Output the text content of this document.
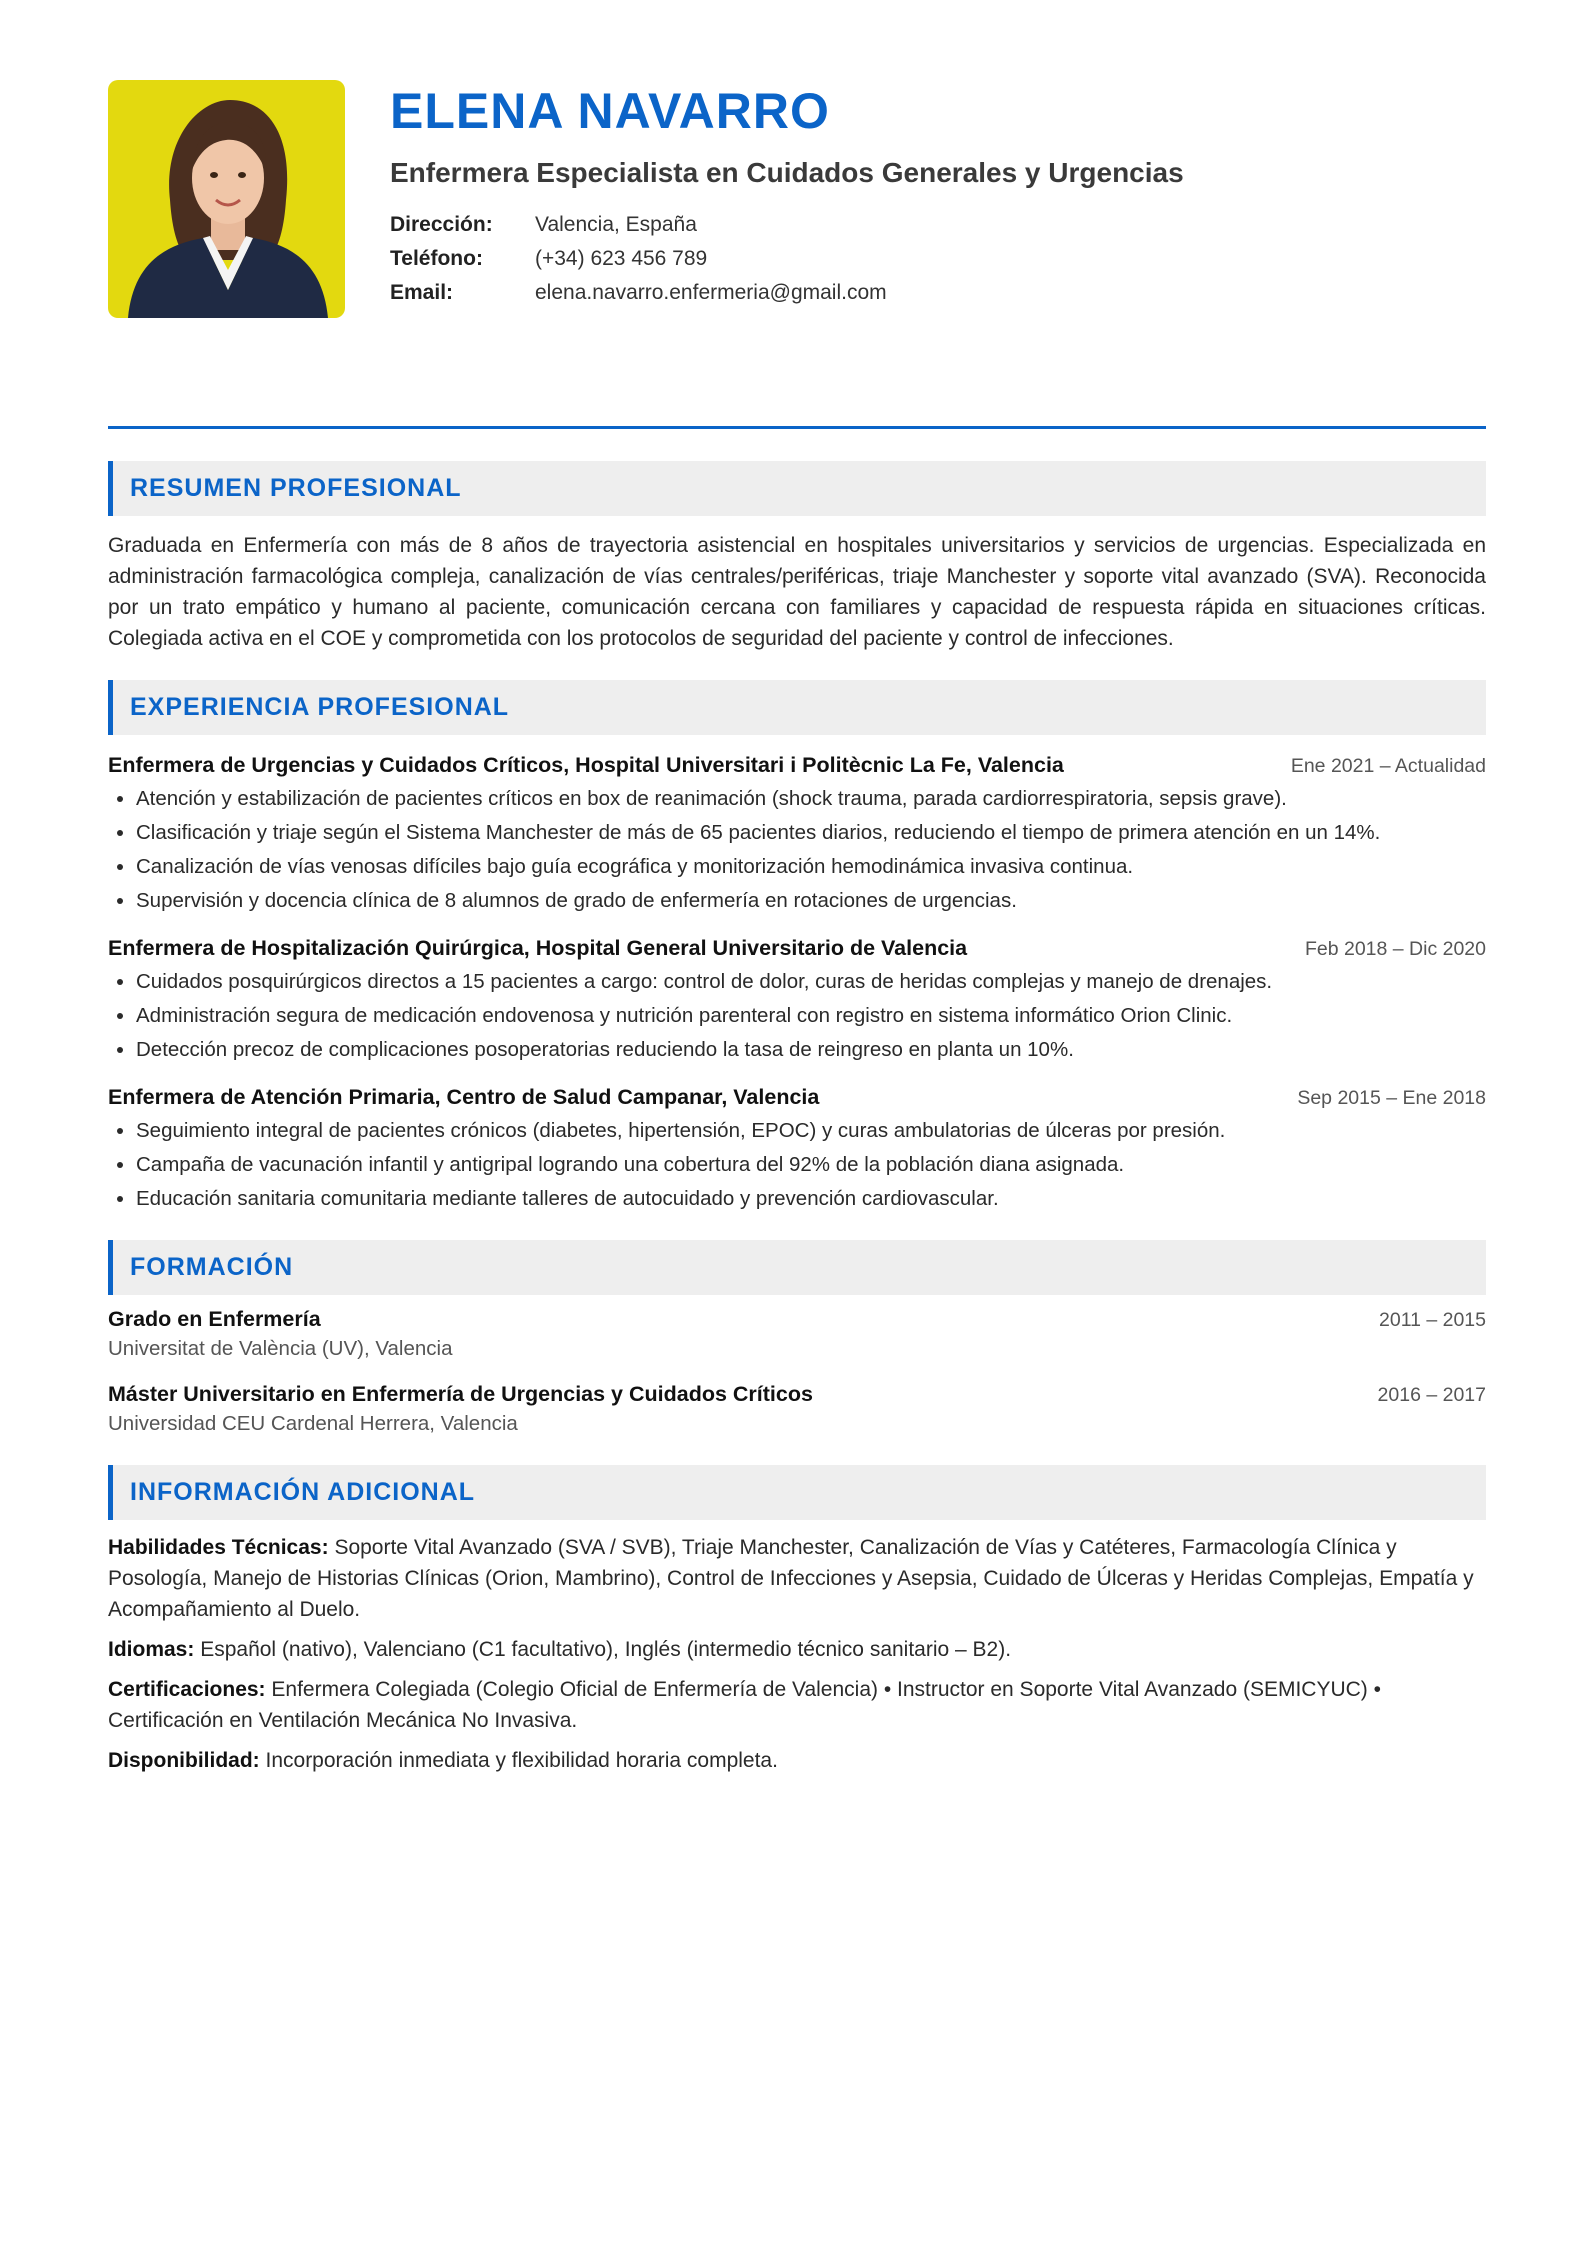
ELENA NAVARRO
Enfermera Especialista en Cuidados Generales y Urgencias
Dirección:	Valencia, España
Teléfono:	(+34) 623 456 789
Email:	elena.navarro.enfermeria@gmail.com
RESUMEN PROFESIONAL

Graduada en Enfermería con más de 8 años de trayectoria asistencial en hospitales universitarios y servicios de urgencias. Especializada en administración farmacológica compleja, canalización de vías centrales/periféricas, triaje Manchester y soporte vital avanzado (SVA). Reconocida por un trato empático y humano al paciente, comunicación cercana con familiares y capacidad de respuesta rápida en situaciones críticas. Colegiada activa en el COE y comprometida con los protocolos de seguridad del paciente y control de infecciones.

EXPERIENCIA PROFESIONAL
Enfermera de Urgencias y Cuidados Críticos, Hospital Universitari i Politècnic La Fe, Valencia	Ene 2021 – Actualidad
• Atención y estabilización de pacientes críticos en box de reanimación (shock trauma, parada cardiorrespiratoria, sepsis grave).
• Clasificación y triaje según el Sistema Manchester de más de 65 pacientes diarios, reduciendo el tiempo de primera atención en un 14%.
• Canalización de vías venosas difíciles bajo guía ecográfica y monitorización hemodinámica invasiva continua.
• Supervisión y docencia clínica de 8 alumnos de grado de enfermería en rotaciones de urgencias.
Enfermera de Hospitalización Quirúrgica, Hospital General Universitario de Valencia	Feb 2018 – Dic 2020
• Cuidados posquirúrgicos directos a 15 pacientes a cargo: control de dolor, curas de heridas complejas y manejo de drenajes.
• Administración segura de medicación endovenosa y nutrición parenteral con registro en sistema informático Orion Clinic.
• Detección precoz de complicaciones posoperatorias reduciendo la tasa de reingreso en planta un 10%.
Enfermera de Atención Primaria, Centro de Salud Campanar, Valencia	Sep 2015 – Ene 2018
• Seguimiento integral de pacientes crónicos (diabetes, hipertensión, EPOC) y curas ambulatorias de úlceras por presión.
• Campaña de vacunación infantil y antigripal logrando una cobertura del 92% de la población diana asignada.
• Educación sanitaria comunitaria mediante talleres de autocuidado y prevención cardiovascular.
FORMACIÓN
Grado en Enfermería	2011 – 2015
Universitat de València (UV), Valencia
Máster Universitario en Enfermería de Urgencias y Cuidados Críticos	2016 – 2017
Universidad CEU Cardenal Herrera, Valencia
INFORMACIÓN ADICIONAL

Habilidades Técnicas: Soporte Vital Avanzado (SVA / SVB), Triaje Manchester, Canalización de Vías y Catéteres, Farmacología Clínica y Posología, Manejo de Historias Clínicas (Orion, Mambrino), Control de Infecciones y Asepsia, Cuidado de Úlceras y Heridas Complejas, Empatía y Acompañamiento al Duelo.

Idiomas: Español (nativo), Valenciano (C1 facultativo), Inglés (intermedio técnico sanitario – B2).

Certificaciones: Enfermera Colegiada (Colegio Oficial de Enfermería de Valencia) • Instructor en Soporte Vital Avanzado (SEMICYUC) • Certificación en Ventilación Mecánica No Invasiva.

Disponibilidad: Incorporación inmediata y flexibilidad horaria completa.
